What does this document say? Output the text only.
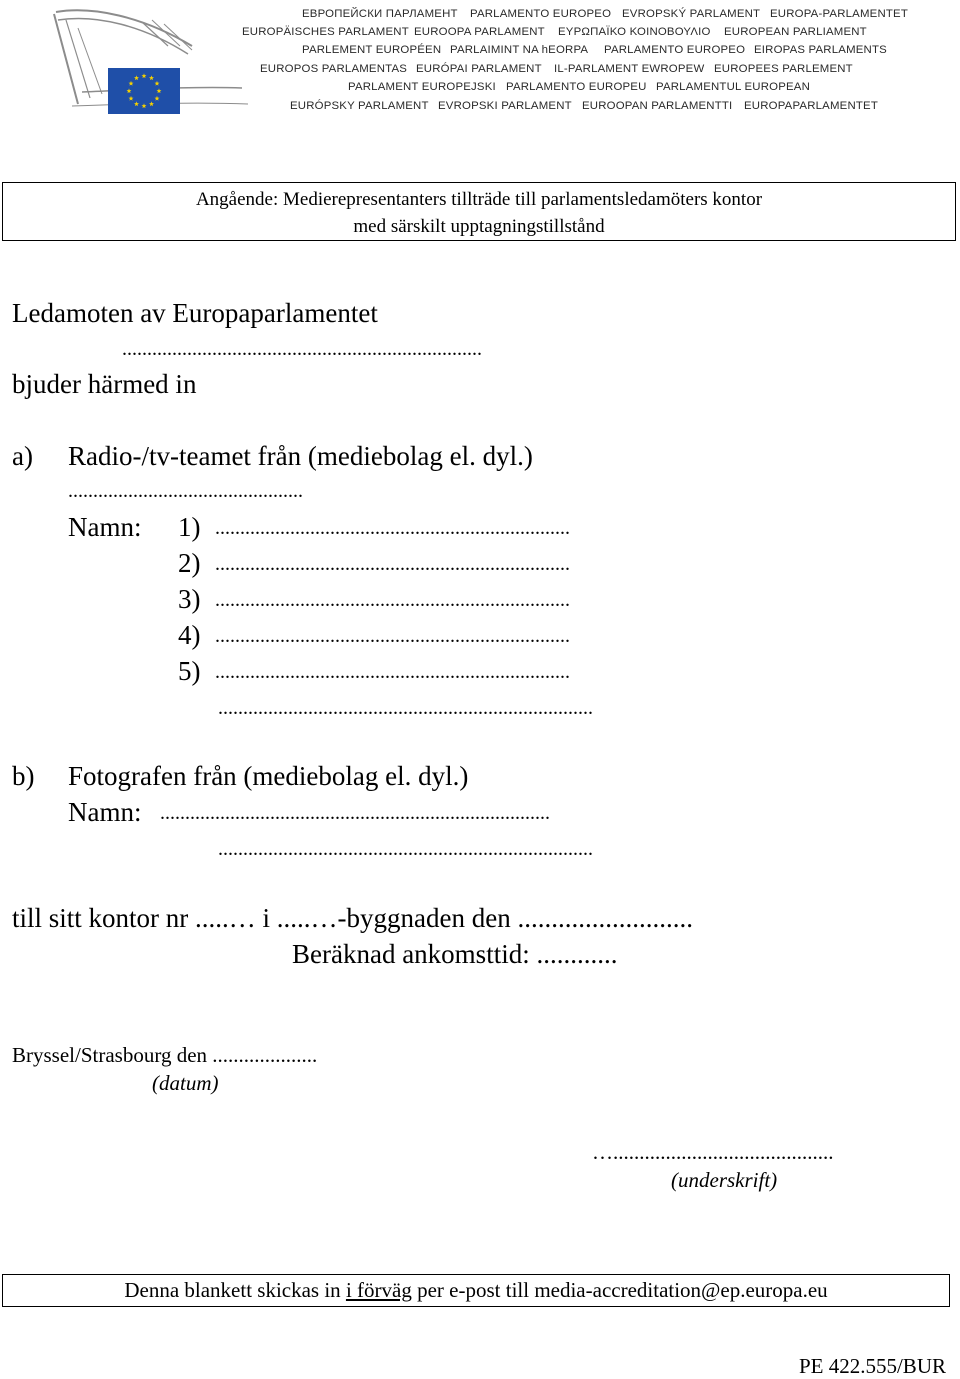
ЕВРОПЕЙСКИ ПАРЛАМЕНТ PARLAMENTO EUROPEO EVROPSKÝ PARLAMENT EUROPA-PARLAMENTET
EUROPÄISCHES PARLAMENT EUROOPA PARLAMENT ΕΥΡΩΠΑΪΚΟ ΚΟΙΝΟΒΟΥΛΙΟ EUROPEAN PARLIAMENT
PARLEMENT EUROPÉEN PARLAIMINT NA hEORPA PARLAMENTO EUROPEO EIROPAS PARLAMENTS
EUROPOS PARLAMENTAS EURÓPAI PARLAMENT IL-PARLAMENT EWROPEW EUROPEES PARLEMENT
PARLAMENT EUROPEJSKI PARLAMENTO EUROPEU PARLAMENTUL EUROPEAN
EURÓPSKY PARLAMENT EVROPSKI PARLAMENT EUROOPAN PARLAMENTTI EUROPAPARLAMENTET
Angående: Medierepresentanters tillträde till parlamentsledamöters kontor
med särskilt upptagningstillstånd
Ledamoten av Europaparlamentet
........................................................................
bjuder härmed in
a) Radio-/tv-teamet från (mediebolag el. dyl.)
...............................................
Namn: 1) .......................................................................
2) .......................................................................
3) .......................................................................
4) .......................................................................
5) .......................................................................
...........................................................................
b) Fotografen från (mediebolag el. dyl.)
Namn: ..............................................................................
...........................................................................
till sitt kontor nr .....… i .....…-byggnaden den ..........................
Beräknad ankomsttid: ............
Bryssel/Strasbourg den ....................
(datum)
…..........................................
(underskrift)
Denna blankett skickas in i förväg per e-post till media-accreditation@ep.europa.eu
PE 422.555/BUR
